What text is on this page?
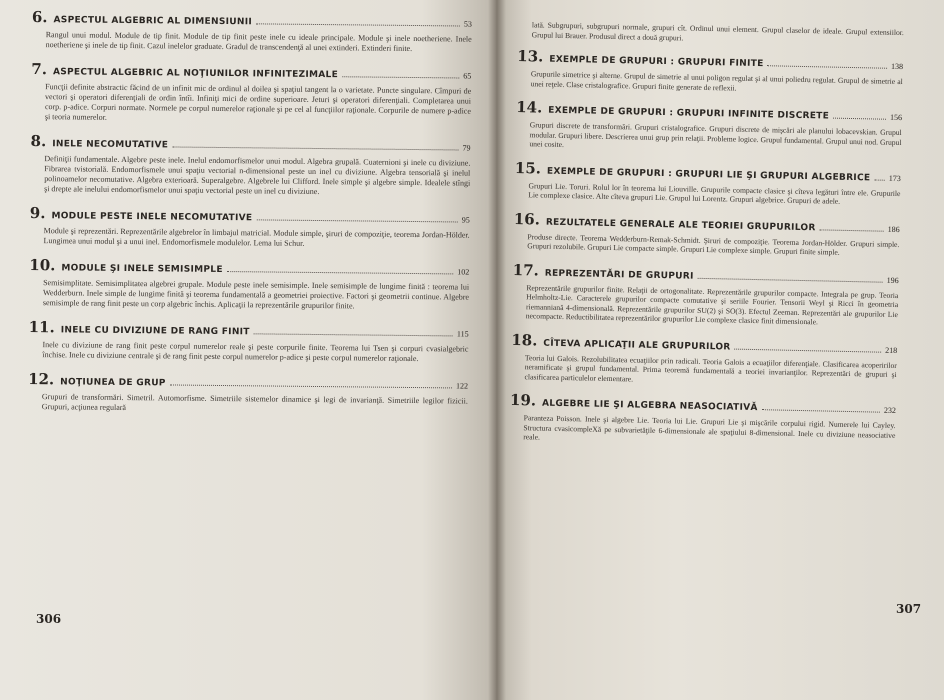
6. ASPECTUL ALGEBRIC AL DIMENSIUNII	53
Rangul unui modul. Module de tip finit. Module de tip finit peste inele cu ideale principale. Module şi inele noetheriene. Inele noetheriene şi inele de tip finit. Cazul inelelor graduate. Gradul de transcendenţă al unei extinderi. Extinderi finite.
7. ASPECTUL ALGEBRIC AL NOŢIUNILOR INFINITEZIMALE	65
Funcţii definite abstractic făcind de un infinit mic de ordinul al doilea şi spaţiul tangent la o varietate. Puncte singulare. Cîmpuri de vectori şi operatori diferenţiali de ordin întîi. Infiniţi mici de ordine superioare. Jeturi şi operatori diferenţiali. Completarea unui corp. p-adice. Corpuri normate. Normele pe corpul numerelor raţionale şi pe cel al funcţiilor raţionale. Corpurile de numere p-adice şi teoria numerelor.
8. INELE NECOMUTATIVE	79
Definiţii fundamentale. Algebre peste inele. Inelul endomorfismelor unui modul. Algebra grupală. Cuaternioni şi inele cu diviziune. Fibrarea tvistorială. Endomorfismele unui spaţiu vectorial n-dimensional peste un inel cu diviziune. Algebra tensorială şi inelul polinoamelor necomutative. Algebra exterioară. Superalgebre. Algebrele lui Clifford. Inele simple şi algebre simple. Idealele stîngi şi drepte ale inelului endomorfismelor unui spaţiu vectorial peste un inel cu diviziune.
9. MODULE PESTE INELE NECOMUTATIVE	95
Module şi reprezentări. Reprezentările algebrelor în limbajul matricial. Module simple, şiruri de compoziţie, teorema Jordan-Hölder. Lungimea unui modul şi a unui inel. Endomorfismele modulelor. Lema lui Schur.
10. MODULE ŞI INELE SEMISIMPLE	102
Semisimplitate. Semisimplitatea algebrei grupale. Module peste inele semisimple. Inele semisimple de lungime finită : teorema lui Wedderburn. Inele simple de lungime finită şi teorema fundamentală a geometriei proiective. Factori şi geometrii continue. Algebre semisimple de rang finit peste un corp algebric închis. Aplicaţii la reprezentările grupurilor finite.
11. INELE CU DIVIZIUNE DE RANG FINIT	115
Inele cu diviziune de rang finit peste corpul numerelor reale şi peste corpurile finite. Teorema lui Tsen şi corpuri cvasialgebric închise. Inele cu diviziune centrale şi de rang finit peste corpul numerelor p-adice şi peste corpul numerelor raţionale.
12. NOŢIUNEA DE GRUP	122
Grupuri de transformări. Simetril. Automorfisme. Simetriile sistemelor dinamice şi legi de invarianţă. Simetriile legilor fizicii. Grupuri, acţiunea regulară
306
lată. Subgrupuri, subgrupuri normale, grupuri cît. Ordinul unui element. Grupul claselor de ideale. Grupul extensiilor. Grupul lui Brauer. Produsul direct a două grupuri.
13. EXEMPLE DE GRUPURI : GRUPURI FINITE	138
Grupurile simetrice şi alterne. Grupul de simetrie al unui poligon regulat şi al unui poliedru regulat. Grupul de simetrie al unei reţele. Clase cristalografice. Grupuri finite generate de reflexii.
14. EXEMPLE DE GRUPURI : GRUPURI INFINITE DISCRETE	156
Grupuri discrete de transformări. Grupuri cristalografice. Grupuri discrete de mişcări ale planului lobacevskian. Grupul modular. Grupuri libere. Descrierea unui grup prin relaţii. Probleme logice. Grupul fundamental. Grupul unui nod. Grupul unei cosite.
15. EXEMPLE DE GRUPURI : GRUPURI LIE ŞI GRUPURI ALGEBRICE 173
Grupuri Lie. Toruri. Rolul lor în teorema lui Liouville. Grupurile compacte clasice şi cîteva legături între ele. Grupurile Lie complexe clasice. Alte cîteva grupuri Lie. Grupul lui Lorentz. Grupuri algebrice. Grupuri de adele.
16. REZULTATELE GENERALE ALE TEORIEI GRUPURILOR	186
Produse directe. Teorema Wedderburn-Remak-Schmidt. Şiruri de compoziţie. Teorema Jordan-Hölder. Grupuri simple. Grupuri rezolubile. Grupuri Lie compacte simple. Grupuri Lie complexe simple. Grupuri finite simple.
17. REPREZENTĂRI DE GRUPURI	196
Reprezentările grupurilor finite. Relaţii de ortogonalitate. Reprezentările grupurilor compacte. Integrala pe grup. Teoria Helmholtz-Lie. Caracterele grupurilor compacte comutative şi seriile Fourier. Tensorii Weyl şi Ricci în geometria riemanniană 4-dimensională. Reprezentările grupurilor SU(2) şi SO(3). Efectul Zeeman. Reprezentări ale grupurilor Lie necompacte. Reductibilitatea reprezentărilor grupurilor Lie complexe clasice finit dimensionale.
18. CÎTEVA APLICAŢII ALE GRUPURILOR	218
Teoria lui Galois. Rezolubilitatea ecuaţiilor prin radicali. Teoria Galois a ecuaţiilor diferenţiale. Clasificarea acoperirilor neramificate şi grupul fundamental. Prima teoremă fundamentală a teoriei invarianţilor. Reprezentări de grupuri şi clasificarea particulelor elementare.
19. ALGEBRE LIE ŞI ALGEBRA NEASOCIATIVĂ	232
Paranteza Poisson. Inele şi algebre Lie. Teoria lui Lie. Grupuri Lie şi mişcările corpului rigid. Numerele lui Cayley. Structura cvasicompleXă pe subvarietăţile 6-dimensionale ale spaţiului 8-dimensional. Inele cu diviziune neasociative reale.
307
